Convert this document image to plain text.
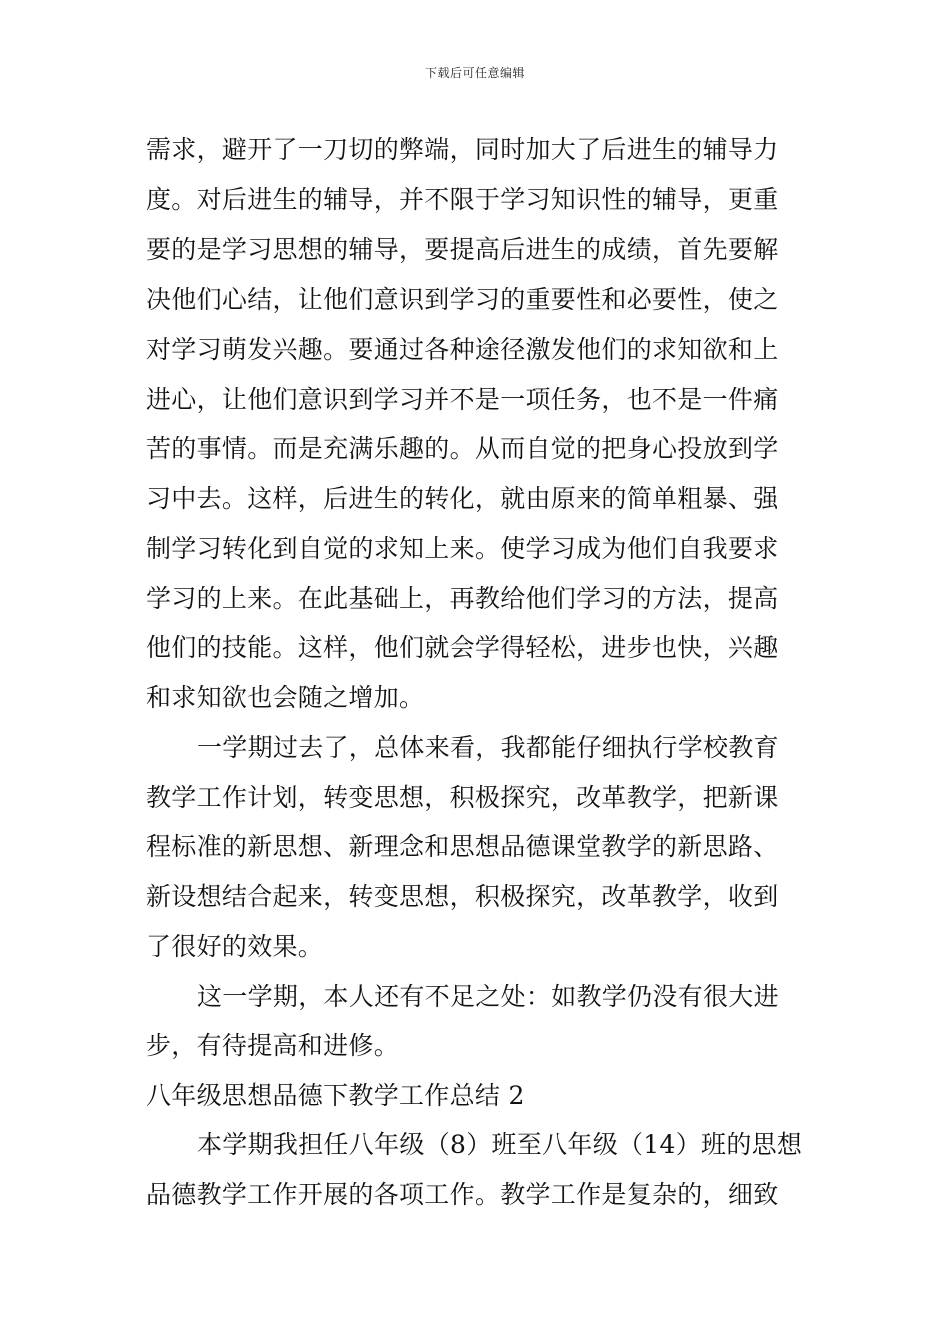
下载后可任意编辑
需求，避开了一刀切的弊端，同时加大了后进生的辅导力
度。对后进生的辅导，并不限于学习知识性的辅导，更重
要的是学习思想的辅导，要提高后进生的成绩，首先要解
决他们心结，让他们意识到学习的重要性和必要性，使之
对学习萌发兴趣。要通过各种途径激发他们的求知欲和上
进心，让他们意识到学习并不是一项任务，也不是一件痛
苦的事情。而是充满乐趣的。从而自觉的把身心投放到学
习中去。这样，后进生的转化，就由原来的简单粗暴、强
制学习转化到自觉的求知上来。使学习成为他们自我要求
学习的上来。在此基础上，再教给他们学习的方法，提高
他们的技能。这样，他们就会学得轻松，进步也快，兴趣
和求知欲也会随之增加。
一学期过去了，总体来看，我都能仔细执行学校教育
教学工作计划，转变思想，积极探究，改革教学，把新课
程标准的新思想、新理念和思想品德课堂教学的新思路、
新设想结合起来，转变思想，积极探究，改革教学，收到
了很好的效果。
这一学期，本人还有不足之处：如教学仍没有很大进
步，有待提高和进修。
八年级思想品德下教学工作总结 2
本学期我担任八年级（8）班至八年级（14）班的思想
品德教学工作开展的各项工作。教学工作是复杂的，细致
